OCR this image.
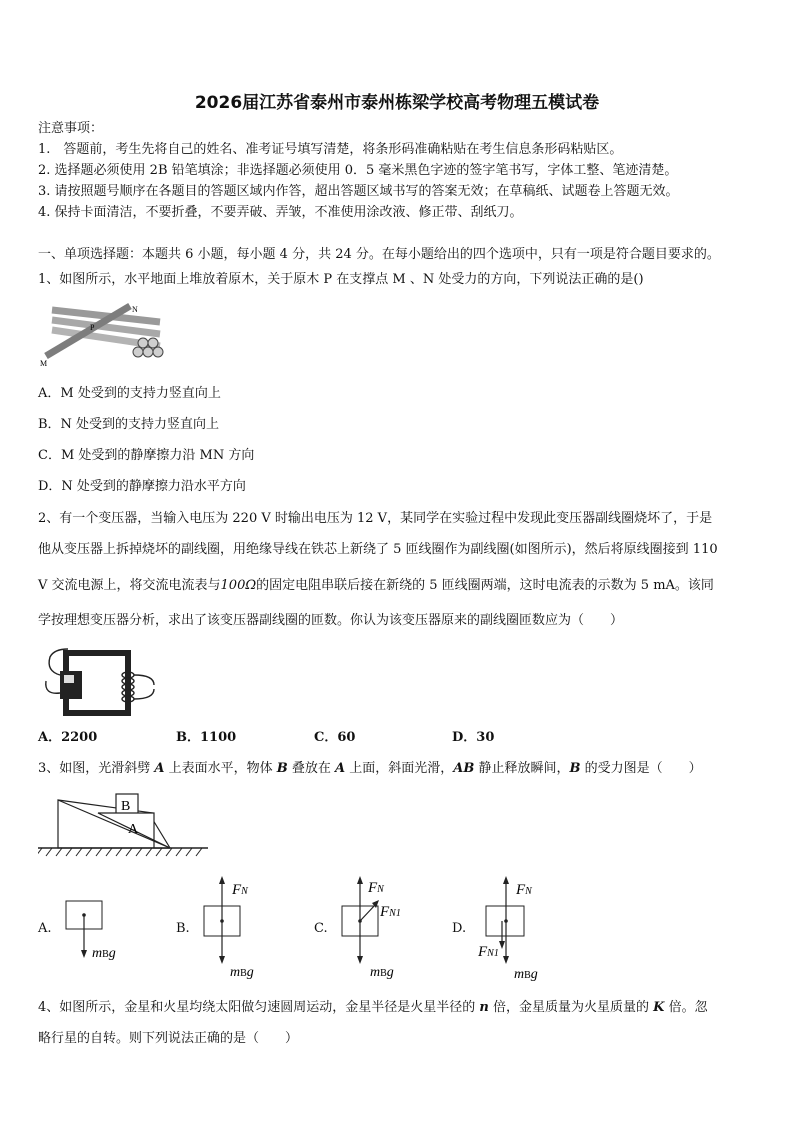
2026届江苏省泰州市泰州栋梁学校高考物理五模试卷
注意事项：
1.　答题前，考生先将自己的姓名、准考证号填写清楚，将条形码准确粘贴在考生信息条形码粘贴区。
2. 选择题必须使用 2B 铅笔填涂；非选择题必须使用 0．5 毫米黑色字迹的签字笔书写，字体工整、笔迹清楚。
3. 请按照题号顺序在各题目的答题区域内作答，超出答题区域书写的答案无效；在草稿纸、试题卷上答题无效。
4. 保持卡面清洁，不要折叠，不要弄破、弄皱，不准使用涂改液、修正带、刮纸刀。
一、单项选择题：本题共 6 小题，每小题 4 分，共 24 分。在每小题给出的四个选项中，只有一项是符合题目要求的。
1、如图所示，水平地面上堆放着原木，关于原木 P 在支撑点 M 、N 处受力的方向，下列说法正确的是()
N
P
M
A．M 处受到的支持力竖直向上
B．N 处受到的支持力竖直向上
C．M 处受到的静摩擦力沿 MN 方向
D．N 处受到的静摩擦力沿水平方向
2、有一个变压器，当输入电压为 220 V 时输出电压为 12 V，某同学在实验过程中发现此变压器副线圈烧坏了，于是
他从变压器上拆掉烧坏的副线圈，用绝缘导线在铁芯上新绕了 5 匝线圈作为副线圈(如图所示)，然后将原线圈接到 110
V 交流电源上，将交流电流表与100Ω的固定电阻串联后接在新绕的 5 匝线圈两端，这时电流表的示数为 5 mA。该同
学按理想变压器分析，求出了该变压器副线圈的匝数。你认为该变压器原来的副线圈匝数应为（　　）
A．2200	B．1100	C．60	D．30
3、如图，光滑斜劈 A 上表面水平，物体 B 叠放在 A 上面，斜面光滑，AB 静止释放瞬间，B 的受力图是（　　）
B
A
A.
mBg
B.
FN
mBg
C.
FN
FN1
mBg
D.
FN
FN1
mBg
4、如图所示，金星和火星均绕太阳做匀速圆周运动，金星半径是火星半径的 n 倍，金星质量为火星质量的 K 倍。忽
略行星的自转。则下列说法正确的是（　　）
